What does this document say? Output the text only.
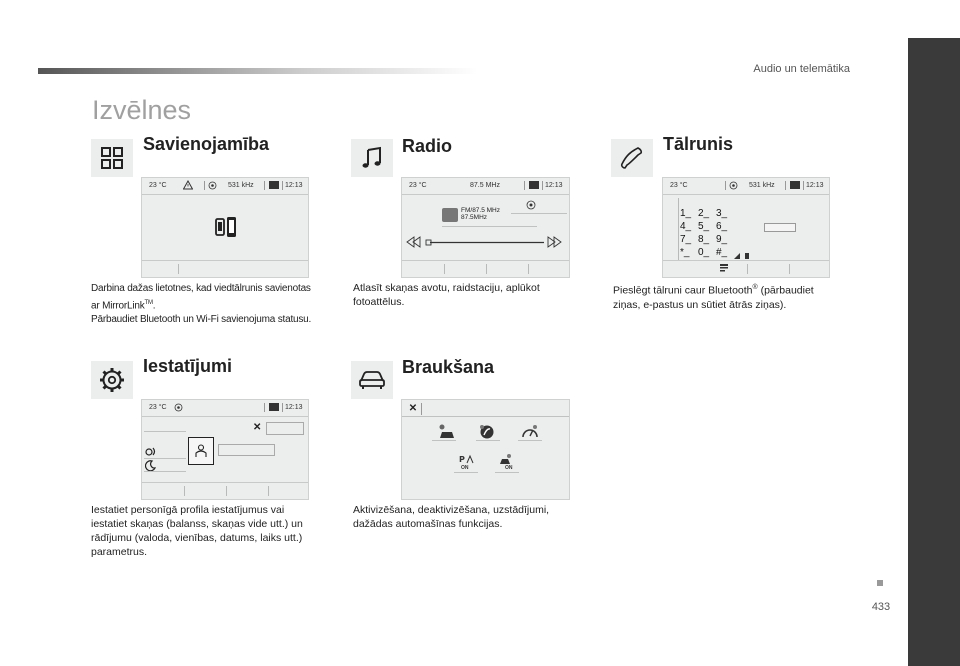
Audio un telemātika
433
Izvēlnes
Savienojamība
23 °C	531 kHz	12:13
Darbina dažas lietotnes, kad viedtālrunis savienotas
ar MirrorLink™.
Pārbaudiet Bluetooth un Wi-Fi savienojuma statusu.
Radio
23 °C	87.5 MHz	12:13
FM/87.5 MHz
87.5MHz
Atlasīt skaņas avotu, raidstaciju, aplūkot
fotoattēlus.
Tālrunis
23 °C	531 kHz	12:13
1_ 2_ 3_
4_ 5_ 6_
7_ 8_ 9_
*_ 0_ #_
Pieslēgt tālruni caur Bluetooth® (pārbaudiet
ziņas, e-pastus un sūtiet ātrās ziņas).
Iestatījumi
23 °C	12:13
✕
Iestatiet personīgā profila iestatījumus vai
iestatiet skaņas (balanss, skaņas vide utt.) un
rādījumu (valoda, vienības, datums, laiks utt.)
parametrus.
Braukšana
✕
P
ON	ON
Aktivizēšana, deaktivizēšana, uzstādījumi,
dažādas automašīnas funkcijas.
